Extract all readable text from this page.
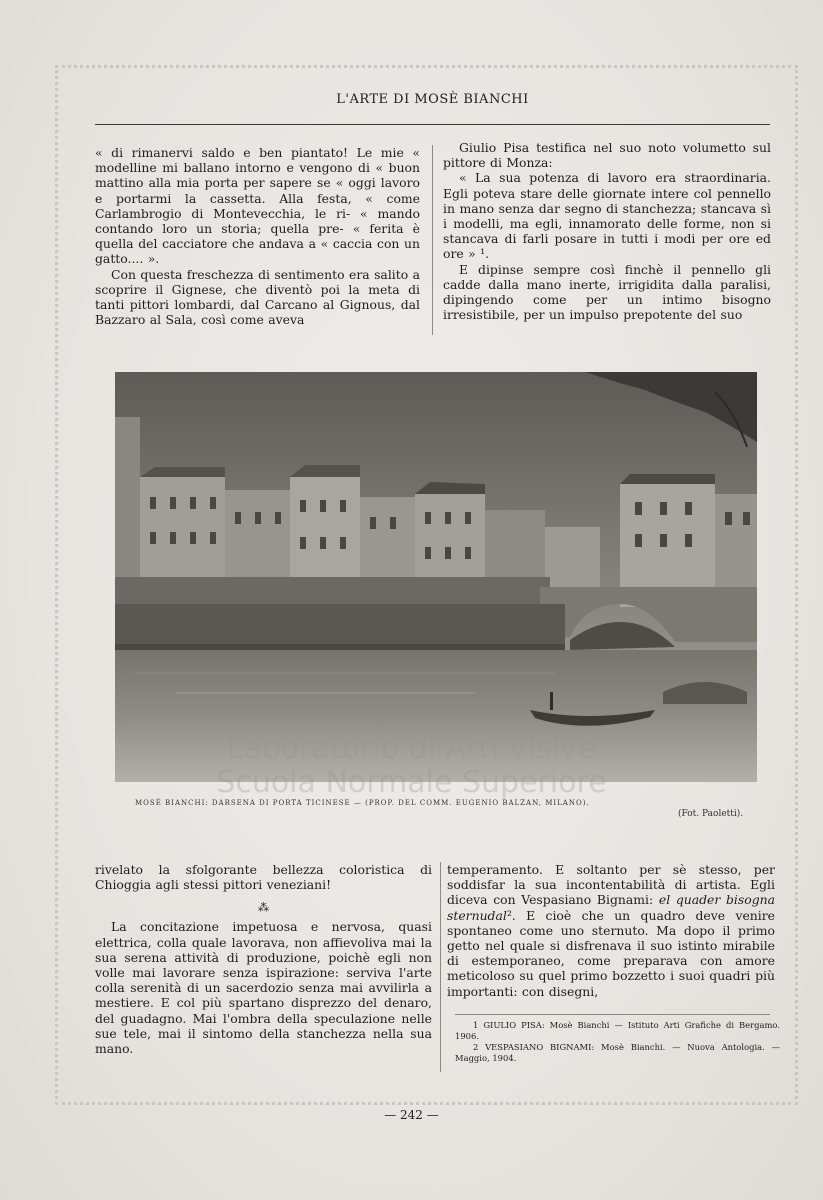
L'ARTE DI MOSÈ BIANCHI

« di rimanervi saldo e ben piantato! Le mie « modelline mi ballano intorno e vengono di « buon mattino alla mia porta per sapere se « oggi lavoro e portarmi la cassetta. Alla festa, « come Carlambrogio di Montevecchia, le ri- « mando contando loro un storia; quella pre- « ferita è quella del cacciatore che andava a « caccia con un gatto.... ».

Con questa freschezza di sentimento era salito a scoprire il Gignese, che diventò poi la meta di tanti pittori lombardi, dal Carcano al Gignous, dal Bazzaro al Sala, così come aveva

Giulio Pisa testifica nel suo noto volumetto sul pittore di Monza:

« La sua potenza di lavoro era straordinaria. Egli poteva stare delle giornate intere col pennello in mano senza dar segno di stanchezza; stancava sì i modelli, ma egli, innamorato delle forme, non si stancava di farli posare in tutti i modi per ore ed ore » ¹.

E dipinse sempre così finchè il pennello gli cadde dalla mano inerte, irrigidita dalla paralisi, dipingendo come per un intimo bisogno irresistibile, per un impulso prepotente del suo

MOSÈ BIANCHI: DARSENA DI PORTA TICINESE — (PROP. DEL COMM. EUGENIO BALZAN, MILANO).
(Fot. Paoletti).
Laboratorio di Arti Visive
Scuola Normale Superiore

rivelato la sfolgorante bellezza coloristica di Chioggia agli stessi pittori veneziani!

⁂

La concitazione impetuosa e nervosa, quasi elettrica, colla quale lavorava, non affievoliva mai la sua serena attività di produzione, poichè egli non volle mai lavorare senza ispirazione: serviva l'arte colla serenità di un sacerdozio senza mai avvilirla a mestiere. E col più spartano disprezzo del denaro, del guadagno. Mai l'ombra della speculazione nelle sue tele, mai il sintomo della stanchezza nella sua mano.

temperamento. E soltanto per sè stesso, per soddisfar la sua incontentabilità di artista. Egli diceva con Vespasiano Bignami: el quader bisogna sternudal². E cioè che un quadro deve venire spontaneo come uno sternuto. Ma dopo il primo getto nel quale si disfrenava il suo istinto mirabile di estemporaneo, come preparava con amore meticoloso su quel primo bozzetto i suoi quadri più importanti: con disegni,

1 GIULIO PISA: Mosè Bianchi — Istituto Arti Grafiche di Bergamo. 1906.

2 VESPASIANO BIGNAMI: Mosè Bianchi. — Nuova Antologia. — Maggio, 1904.

— 242 —
